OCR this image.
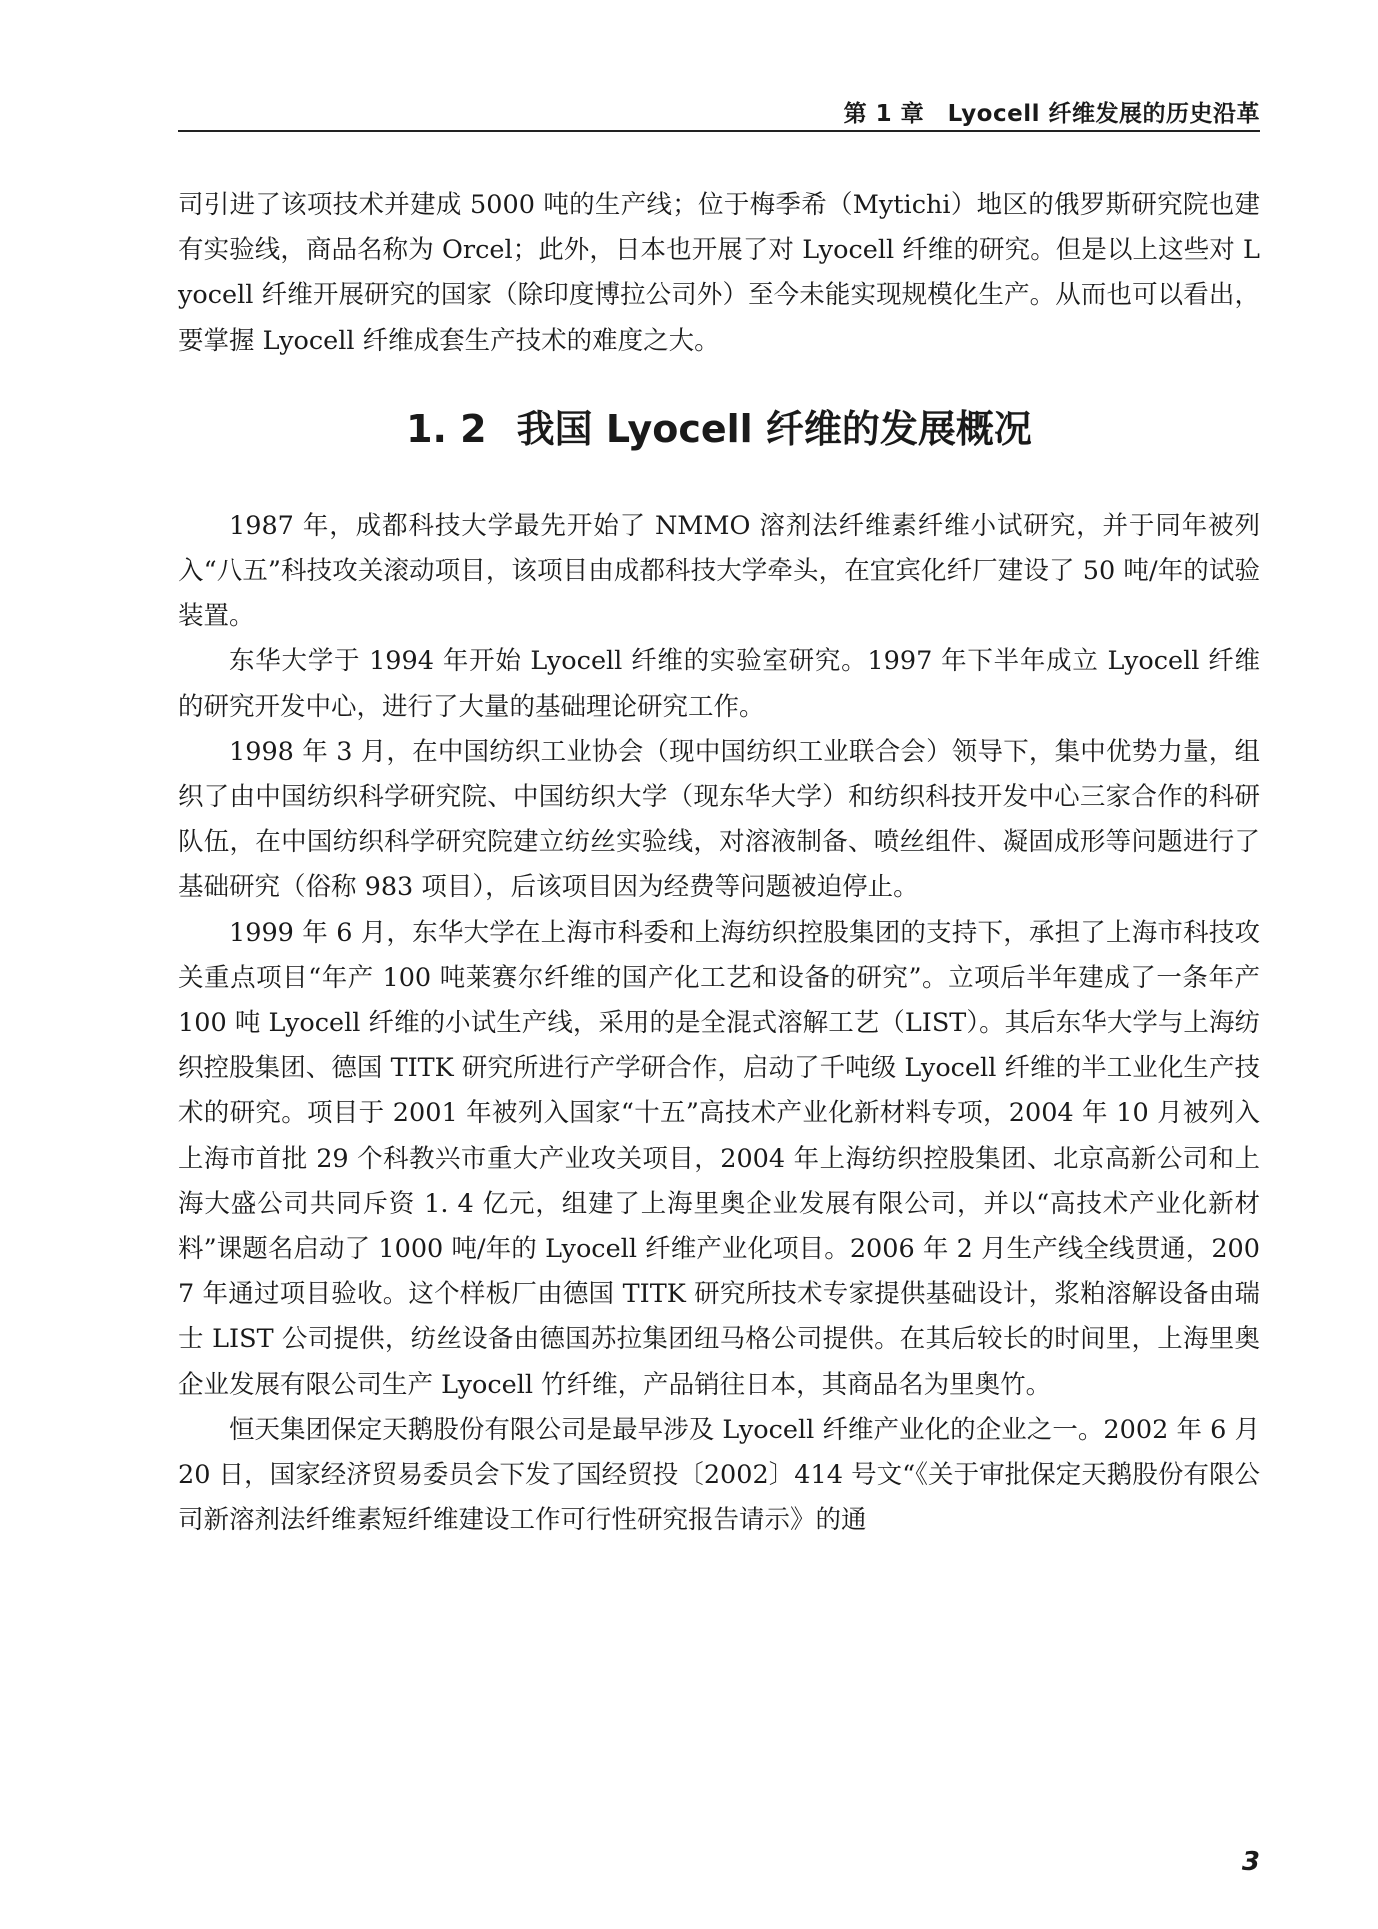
第 1 章　Lyocell 纤维发展的历史沿革

司引进了该项技术并建成 5000 吨的生产线；位于梅季希（Mytichi）地区的俄罗斯研究院也建有实验线，商品名称为 Orcel；此外，日本也开展了对 Lyocell 纤维的研究。但是以上这些对 Lyocell 纤维开展研究的国家（除印度博拉公司外）至今未能实现规模化生产。从而也可以看出，要掌握 Lyocell 纤维成套生产技术的难度之大。

1. 2 我国 Lyocell 纤维的发展概况

1987 年，成都科技大学最先开始了 NMMO 溶剂法纤维素纤维小试研究，并于同年被列入“八五”科技攻关滚动项目，该项目由成都科技大学牵头，在宜宾化纤厂建设了 50 吨/年的试验装置。

东华大学于 1994 年开始 Lyocell 纤维的实验室研究。1997 年下半年成立 Lyocell 纤维的研究开发中心，进行了大量的基础理论研究工作。

1998 年 3 月，在中国纺织工业协会（现中国纺织工业联合会）领导下，集中优势力量，组织了由中国纺织科学研究院、中国纺织大学（现东华大学）和纺织科技开发中心三家合作的科研队伍，在中国纺织科学研究院建立纺丝实验线，对溶液制备、喷丝组件、凝固成形等问题进行了基础研究（俗称 983 项目），后该项目因为经费等问题被迫停止。

1999 年 6 月，东华大学在上海市科委和上海纺织控股集团的支持下，承担了上海市科技攻关重点项目“年产 100 吨莱赛尔纤维的国产化工艺和设备的研究”。立项后半年建成了一条年产 100 吨 Lyocell 纤维的小试生产线，采用的是全混式溶解工艺（LIST）。其后东华大学与上海纺织控股集团、德国 TITK 研究所进行产学研合作，启动了千吨级 Lyocell 纤维的半工业化生产技术的研究。项目于 2001 年被列入国家“十五”高技术产业化新材料专项，2004 年 10 月被列入上海市首批 29 个科教兴市重大产业攻关项目，2004 年上海纺织控股集团、北京高新公司和上海大盛公司共同斥资 1. 4 亿元，组建了上海里奥企业发展有限公司，并以“高技术产业化新材料”课题名启动了 1000 吨/年的 Lyocell 纤维产业化项目。2006 年 2 月生产线全线贯通，2007 年通过项目验收。这个样板厂由德国 TITK 研究所技术专家提供基础设计，浆粕溶解设备由瑞士 LIST 公司提供，纺丝设备由德国苏拉集团纽马格公司提供。在其后较长的时间里，上海里奥企业发展有限公司生产 Lyocell 竹纤维，产品销往日本，其商品名为里奥竹。

恒天集团保定天鹅股份有限公司是最早涉及 Lyocell 纤维产业化的企业之一。2002 年 6 月 20 日，国家经济贸易委员会下发了国经贸投〔2002〕414 号文“《关于审批保定天鹅股份有限公司新溶剂法纤维素短纤维建设工作可行性研究报告请示》的通

3
